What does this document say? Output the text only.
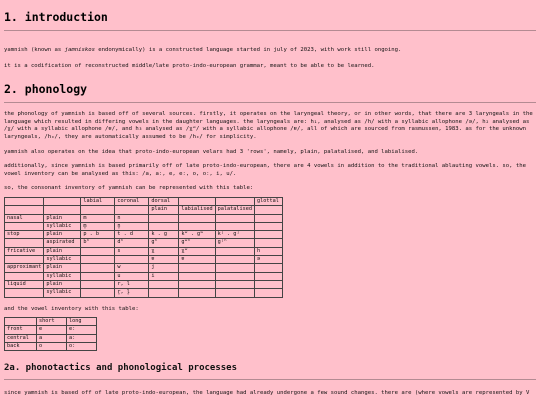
1. introduction

yamnish (known as jamniskos endonymically) is a constructed language started in july of 2023, with work still ongoing.

it is a codification of reconstructed middle/late proto-indo-european grammar, meant to be able to be learned.

2. phonology

the phonology of yamnish is based off of several sources. firstly, it operates on the laryngeal theory, or in other words, that there are 3 laryngeals in the language which resulted in differing vowels in the daughter languages. the laryngeals are: h₁, analysed as /h/ with a syllabic allophone /ə/, h₂ analysed as /χ/ with a syllabic allophone /ɐ/, and h₃ analysed as /χʷ/ with a syllabic allophone /ɐ/, all of which are sourced from rasmussen, 1983. as for the unknown laryngeals, /hₓ/, they are automatically assumed to be /hₓ/ for simplicity.

yamnish also operates on the idea that proto-indo-european velars had 3 'rows', namely, plain, palatalised, and labialised.

additionally, since yamnish is based primarily off of late proto-indo-european, there are 4 vowels in addition to the traditional ablauting vowels. so, the vowel inventory can be analysed as this: /a, aː, e, eː, o, oː, i, u/.

so, the consonant inventory of yamnish can be represented with this table:

		labial	coronal	dorsal			glottal
				plain	labialised	palatalised	
nasal	plain	m	n				
	syllabic	m̥	n̥				
stop	plain	p . b	t . d	k . g	kʷ . gʷ	kʲ . gʲ	
	aspirated	bʰ	dʰ	gʰ	gʷʰ	gʲʰ	
fricative	plain		s	χ	χʷ		h
	syllabic			ɐ	ɐ		ə
approximant	plain		w	j			
	syllabic		u	i			
liquid	plain		r, l				
	syllabic		r̥, l̥				

and the vowel inventory with this table:

	short	long
front	e	eː
central	a	aː
back	o	oː
2a. phonotactics and phonological processes

since yamnish is based off of late proto-indo-european, the language had already undergone a few sound changes. there are (where vowels are represented by V
